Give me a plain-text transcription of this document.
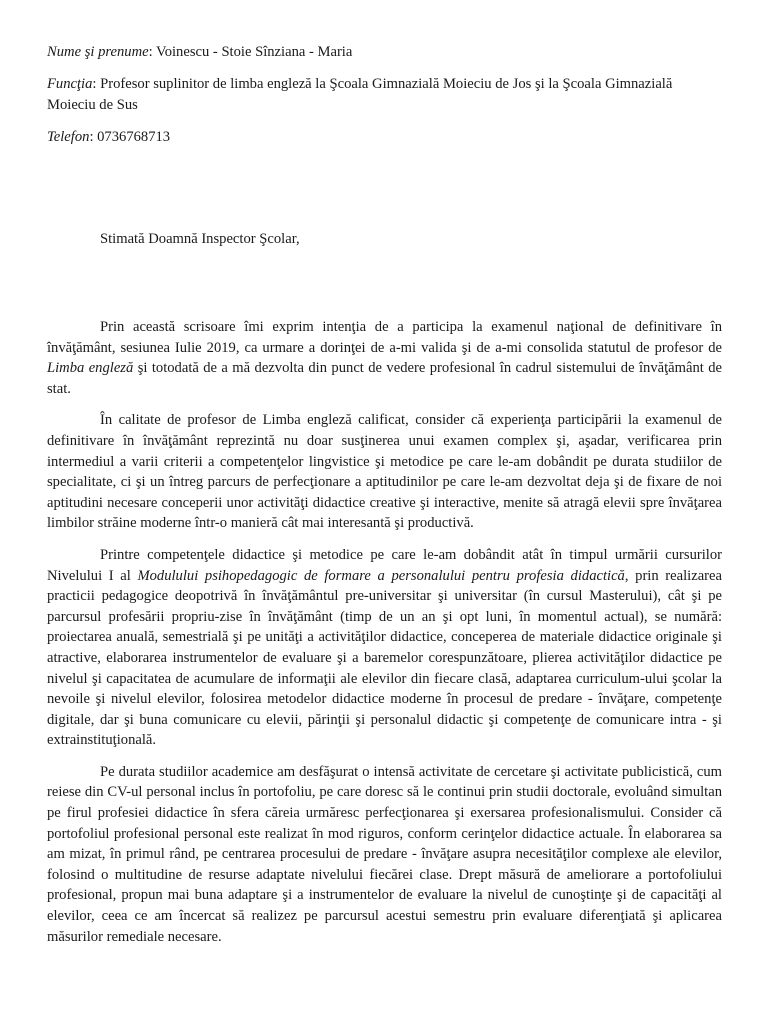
Nume şi prenume: Voinescu - Stoie Sînziana - Maria

Funcţia: Profesor suplinitor de limba engleză la Şcoala Gimnazială Moieciu de Jos şi la Şcoala Gimnazială Moieciu de Sus

Telefon: 0736768713

Stimată Doamnă Inspector Şcolar,

Prin această scrisoare îmi exprim intenţia de a participa la examenul naţional de definitivare în învăţământ, sesiunea Iulie 2019, ca urmare a dorinţei de a-mi valida şi de a-mi consolida statutul de profesor de Limba engleză şi totodată de a mă dezvolta din punct de vedere profesional în cadrul sistemului de învăţământ de stat.

În calitate de profesor de Limba engleză calificat, consider că experienţa participării la examenul de definitivare în învăţământ reprezintă nu doar susţinerea unui examen complex şi, aşadar, verificarea prin intermediul a varii criterii a competenţelor lingvistice şi metodice pe care le-am dobândit pe durata studiilor de specialitate, ci şi un întreg parcurs de perfecţionare a aptitudinilor pe care le-am dezvoltat deja şi de fixare de noi aptitudini necesare conceperii unor activităţi didactice creative şi interactive, menite să atragă elevii spre învăţarea limbilor străine moderne într-o manieră cât mai interesantă şi productivă.

Printre competenţele didactice şi metodice pe care le-am dobândit atât în timpul urmării cursurilor Nivelului I al Modulului psihopedagogic de formare a personalului pentru profesia didactică, prin realizarea practicii pedagogice deopotrivă în învăţământul pre-universitar şi universitar (în cursul Masterului), cât şi pe parcursul profesării propriu-zise în învăţământ (timp de un an şi opt luni, în momentul actual), se numără: proiectarea anuală, semestrială şi pe unităţi a activităţilor didactice, conceperea de materiale didactice originale şi atractive, elaborarea instrumentelor de evaluare şi a baremelor corespunzătoare, plierea activităţilor didactice pe nivelul şi capacitatea de acumulare de informaţii ale elevilor din fiecare clasă, adaptarea curriculum-ului şcolar la nevoile şi nivelul elevilor, folosirea metodelor didactice moderne în procesul de predare - învăţare, competenţe digitale, dar şi buna comunicare cu elevii, părinţii şi personalul didactic şi competenţe de comunicare intra - şi extrainstituţională.

Pe durata studiilor academice am desfăşurat o intensă activitate de cercetare şi activitate publicistică, cum reiese din CV-ul personal inclus în portofoliu, pe care doresc să le continui prin studii doctorale, evoluând simultan pe firul profesiei didactice în sfera căreia urmăresc perfecţionarea şi exersarea profesionalismului. Consider că portofoliul profesional personal este realizat în mod riguros, conform cerinţelor didactice actuale. În elaborarea sa am mizat, în primul rând, pe centrarea procesului de predare - învăţare asupra necesităţilor complexe ale elevilor, folosind o multitudine de resurse adaptate nivelului fiecărei clase. Drept măsură de ameliorare a portofoliului profesional, propun mai buna adaptare şi a instrumentelor de evaluare la nivelul de cunoştinţe şi de capacităţi al elevilor, ceea ce am încercat să realizez pe parcursul acestui semestru prin evaluare diferenţiată şi aplicarea măsurilor remediale necesare.
